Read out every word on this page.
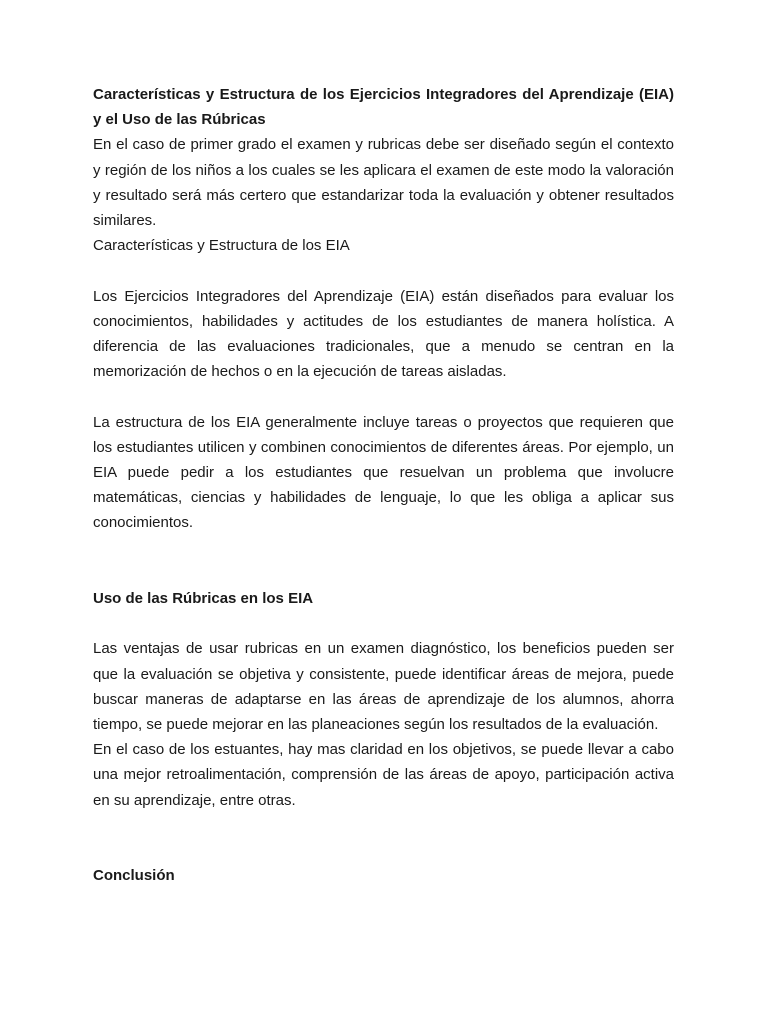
Características y Estructura de los Ejercicios Integradores del Aprendizaje (EIA) y el Uso de las Rúbricas

En el caso de primer grado el examen y rubricas debe ser diseñado según el contexto y región de los niños a los cuales se les aplicara el examen de este modo la valoración y resultado será más certero que estandarizar toda la evaluación y obtener resultados similares.

Características y Estructura de los EIA

Los Ejercicios Integradores del Aprendizaje (EIA) están diseñados para evaluar los conocimientos, habilidades y actitudes de los estudiantes de manera holística. A diferencia de las evaluaciones tradicionales, que a menudo se centran en la memorización de hechos o en la ejecución de tareas aisladas.

La estructura de los EIA generalmente incluye tareas o proyectos que requieren que los estudiantes utilicen y combinen conocimientos de diferentes áreas. Por ejemplo, un EIA puede pedir a los estudiantes que resuelvan un problema que involucre matemáticas, ciencias y habilidades de lenguaje, lo que les obliga a aplicar sus conocimientos.

Uso de las Rúbricas en los EIA

Las ventajas de usar rubricas en un examen diagnóstico, los beneficios pueden ser que la evaluación se objetiva y consistente, puede identificar áreas de mejora, puede buscar maneras de adaptarse en las áreas de aprendizaje de los alumnos, ahorra tiempo, se puede mejorar en las planeaciones según los resultados de la evaluación.

En el caso de los estuantes, hay mas claridad en los objetivos, se puede llevar a cabo una mejor retroalimentación, comprensión de las áreas de apoyo, participación activa en su aprendizaje, entre otras.

Conclusión
